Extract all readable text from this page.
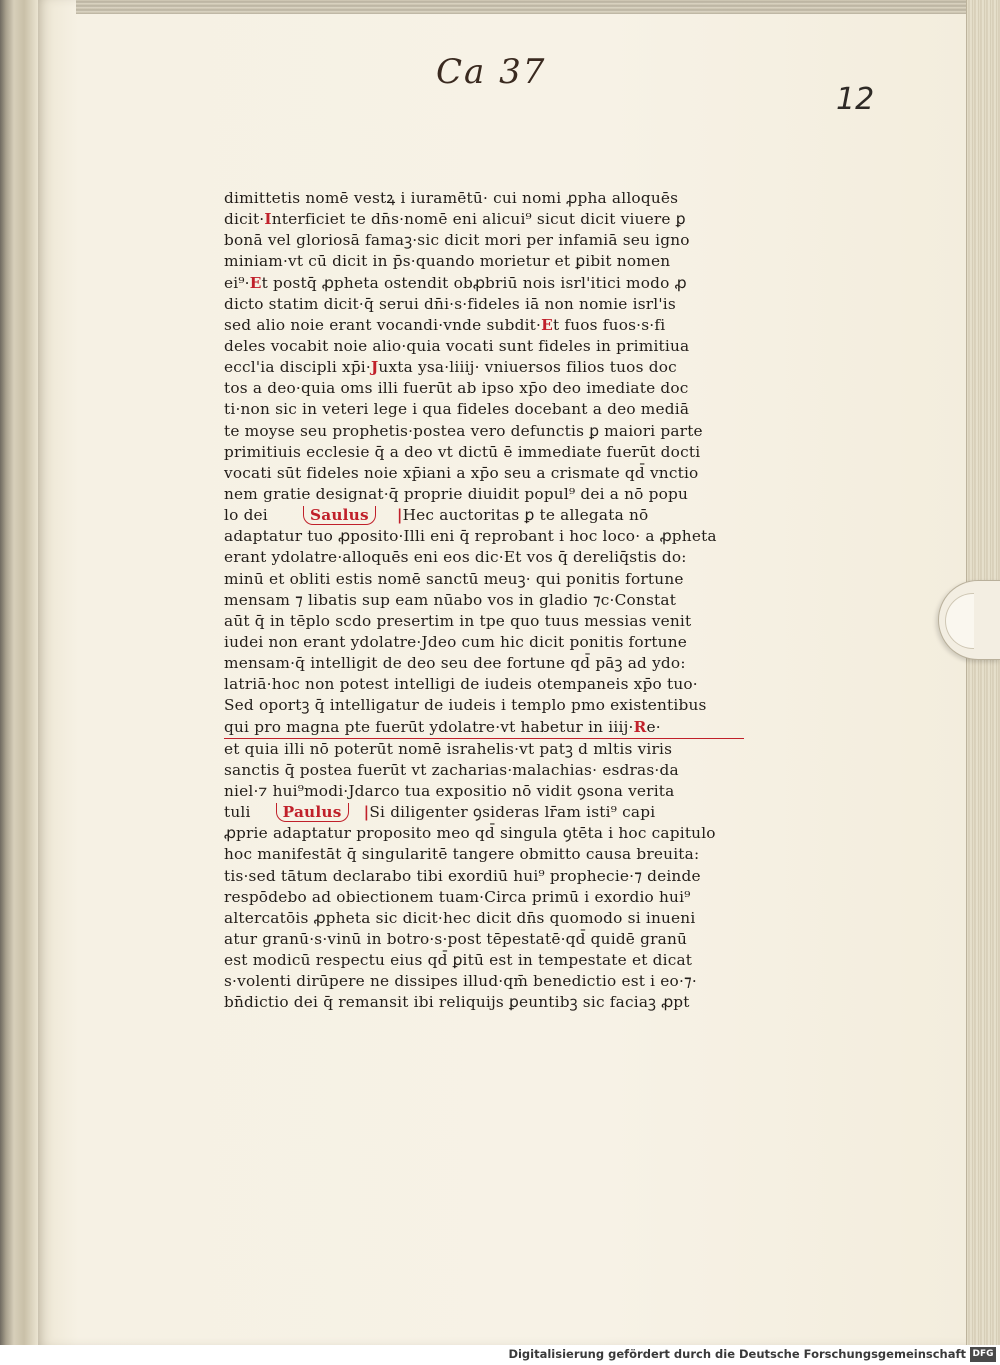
Ca 37
12
dimittetis nomē vestꝝ i iuramētū· cui nomi ꝓpha alloquēs
dicit·Interficiet te dn̄s·nomē eni alicui⁹ sicut dicit viuere ꝑ
bonā vel gloriosā famaꝫ·sic dicit mori per infamiā seu igno
miniam·vt cū dicit in p̄s·quando morietur et ꝑibit nomen
ei⁹·Et postq̄ ꝓpheta ostendit obꝓbriū nois isrl'itici modo ꝓ
dicto statim dicit·q̄ serui dn̄i·s·fideles iā non nomie isrl'is
sed alio noie erant vocandi·vnde subdit·Et fuos fuos·s·fi
deles vocabit noie alio·quia vocati sunt fideles in primitiua
eccl'ia discipli xp̄i·Juxta ysa·liiij· vniuersos filios tuos doc
tos a deo·quia oms illi fuerūt ab ipso xp̄o deo imediate doc
ti·non sic in veteri lege i qua fideles docebant a deo mediā
te moyse seu prophetis·postea vero defunctis ꝑ maiori parte
primitiuis ecclesie q̄ a deo vt dictū ē immediate fuerūt docti
vocati sūt fideles noie xp̄iani a xp̄o seu a crismate qd̄ vnctio
nem gratie designat·q̄ proprie diuidit popul⁹ dei a nō popu
lo dei	Saulus |Hec auctoritas ꝑ te allegata nō
adaptatur tuo ꝓposito·Illi eni q̄ reprobant i hoc loco· a ꝓpheta
erant ydolatre·alloquēs eni eos dic·Et vos q̄ dereliq̄stis do:
minū et obliti estis nomē sanctū meuꝫ· qui ponitis fortune
mensam ⁊ libatis sup eam nūabo vos in gladio ⁊c·Constat
aūt q̄ in tēplo scdo presertim in tpe quo tuus messias venit
iudei non erant ydolatre·Jdeo cum hic dicit ponitis fortune
mensam·q̄ intelligit de deo seu dee fortune qd̄ pāꝫ ad ydo:
latriā·hoc non potest intelligi de iudeis otempaneis xp̄o tuo·
Sed oportꝫ q̄ intelligatur de iudeis i templo pmo existentibus
qui pro magna pte fuerūt ydolatre·vt habetur in iiij·Re·
et quia illi nō poterūt nomē israhelis·vt patꝫ d mltis viris
sanctis q̄ postea fuerūt vt zacharias·malachias· esdras·da
niel·⁊ hui⁹modi·Jdarco tua expositio nō vidit ꝯsona verita
tuli Paulus |Si diligenter ꝯsideras lr̄am isti⁹ capi
ꝓprie adaptatur proposito meo qd̄ singula ꝯtēta i hoc capitulo
hoc manifestāt q̄ singularitē tangere obmitto causa breuita:
tis·sed tātum declarabo tibi exordiū hui⁹ prophecie·⁊ deinde
respōdebo ad obiectionem tuam·Circa primū i exordio hui⁹
altercatōis ꝓpheta sic dicit·hec dicit dn̄s quomodo si inueni
atur granū·s·vinū in botro·s·post tēpestatē·qd̄ quidē granū
est modicū respectu eius qd̄ ꝑitū est in tempestate et dicat
s·volenti dirūpere ne dissipes illud·qm̄ benedictio est i eo·⁊·
bn̄dictio dei q̄ remansit ibi reliquijs ꝑeuntibꝫ sic faciaꝫ ꝓpt
Digitalisierung gefördert durch die Deutsche Forschungsgemeinschaft DFG
